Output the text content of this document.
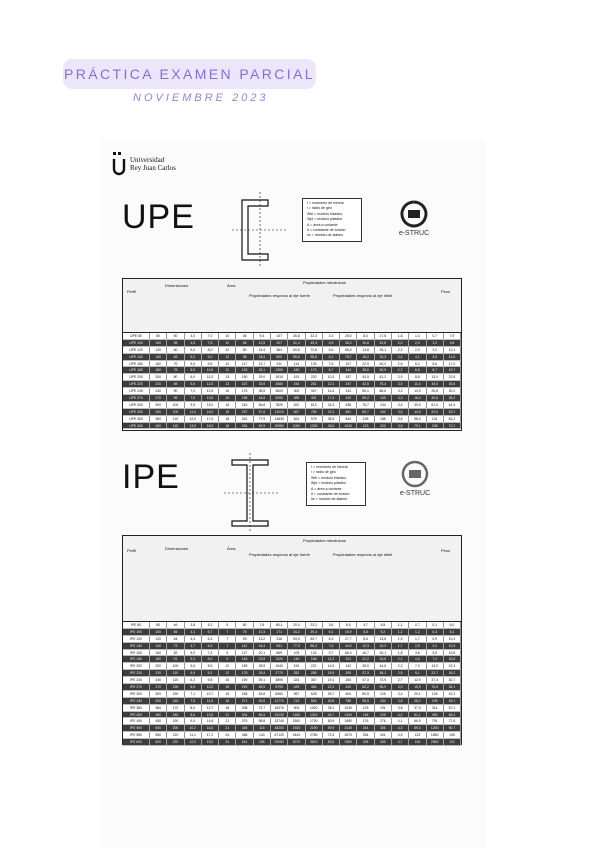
PRÁCTICA EXAMEN PARCIAL
NOVIEMBRE 2023
Universidad
Rey Juan Carlos
UPE	I = momento de inercia
i = radio de giro
Wel = módulo elástico
Wpl = módulo plástico
A = área a cortante
It = constante de torsión
Iw = módulo de alabeo	e-STRUC
Perfil
Dimensiones	Área
Propiedades mecánicas
Propiedades respecto al eje fuerte	Propiedades respecto al eje débil
Peso
UPE 80	80	50	4,0	7,0	10	46	9,4	107	26,8	32,3	3,3	25,5	8,0	17,5	1,8	1,4	0,7	7,9
UPE 100	100	55	4,5	7,5	10	65	12,5	207	41,4	49,3	4,5	38,3	10,6	20,8	2,0	2,0	1,2	9,8
UPE 120	120	60	5,0	8,0	12	80	15,4	364	60,6	72,6	5,6	55,5	13,8	26,1	2,2	2,9	2,0	12,1
UPE 140	140	65	5,0	9,0	12	98	18,4	600	85,6	98,8	6,1	78,7	18,2	33,3	2,4	4,1	3,5	14,5
UPE 160	160	70	5,5	9,5	12	117	21,7	911	114	133	7,6	107	22,9	40,2	2,6	5,2	5,6	17,0
UPE 180	180	75	5,5	10,5	12	133	25,1	1350	150	173	8,7	144	28,6	50,9	2,7	6,8	8,7	19,7
UPE 200	200	80	6,0	11,0	13	150	29,0	1910	191	220	10,3	187	34,5	61,2	2,9	8,6	13,0	22,8
UPE 220	220	85	6,5	12,0	13	167	33,9	2680	244	281	12,1	247	42,5	75,4	3,0	11,4	19,0	26,6
UPE 240	240	90	7,0	12,5	15	175	38,5	3600	300	347	14,4	314	50,1	88,6	3,2	13,9	26,8	30,2
UPE 270	270	95	7,5	13,5	15	198	44,8	5250	389	451	17,3	420	59,2	105	3,3	18,4	40,6	35,2
UPE 300	300	100	9,5	15,0	15	216	56,6	7820	522	613	24,3	538	75,7	134	3,4	30,9	61,0	44,4
UPE 330	330	105	11,0	16,0	18	237	67,8	11010	667	789	31,0	681	89,7	160	3,5	44,5	92,6	53,2
UPE 360	360	110	12,0	17,0	18	261	77,9	14830	824	978	36,5	844	105	186	3,6	58,4	131	61,2
UPE 400	400	115	13,5	18,0	18	294	91,9	20980	1050	1250	45,6	1040	123	220	3,6	79,1	198	72,2
IPE	I = momento de inercia
i = radio de giro
Wel = módulo elástico
Wpl = módulo plástico
A = área a cortante
It = constante de torsión
Iw = módulo de alabeo
e-STRUC
Perfil	Dimensiones	Área
Propiedades mecánicas
Propiedades respecto al eje fuerte	Propiedades respecto al eje débil
Peso
IPE 80	80	46	3,8	5,2	5	60	7,6	80,1	20,0	23,2	3,6	8,5	3,7	5,8	1,1	0,7	0,1	6,0
IPE 100	100	55	4,1	5,7	7	75	10,3	171	34,2	39,4	5,1	15,9	5,8	9,2	1,2	1,2	0,4	8,1
IPE 120	120	64	4,4	6,3	7	93	13,2	318	53,0	60,7	6,3	27,7	8,6	13,6	1,5	1,7	0,9	10,4
IPE 140	140	73	4,7	6,9	7	112	16,4	541	77,3	88,3	7,6	44,9	12,3	19,3	1,7	2,5	2,0	12,9
IPE 160	160	82	5,0	7,4	9	127	20,1	869	109	124	9,7	68,3	16,7	26,1	1,8	3,6	3,9	15,8
IPE 180	180	91	5,3	8,0	9	146	23,9	1320	146	166	11,3	101	22,2	34,6	2,1	4,8	7,4	18,8
IPE 200	200	100	5,6	8,5	12	159	28,5	1940	194	221	14,0	142	28,5	44,6	2,2	7,0	13,0	22,4
IPE 220	220	110	5,9	9,2	12	178	33,4	2770	252	285	15,9	205	37,3	58,1	2,5	9,1	22,7	26,2
IPE 240	240	120	6,2	9,8	15	190	39,1	3890	324	367	19,1	284	47,3	73,9	2,7	12,9	37,4	30,7
IPE 270	270	135	6,6	10,2	15	219	45,9	5790	429	484	22,1	420	62,2	96,9	3,0	15,9	70,6	36,1
IPE 300	300	150	7,1	10,7	15	248	53,8	8360	557	628	25,7	604	80,5	125	3,4	20,1	126	42,2
IPE 330	330	160	7,5	11,5	18	271	62,6	11770	713	804	30,8	788	98,5	154	3,6	28,2	199	49,1
IPE 360	360	170	8,0	12,7	18	298	72,7	16270	904	1020	35,1	1040	123	191	3,8	37,3	314	57,1
IPE 400	400	180	8,6	13,5	21	331	84,5	23130	1160	1310	42,7	1320	146	229	4,0	51,1	490	66,3
IPE 450	450	190	9,4	14,6	21	379	98,8	33740	1500	1700	50,9	1680	176	276	4,1	66,9	791	77,6
IPE 500	500	200	10,2	16,0	21	426	116	48200	1930	2190	59,9	2140	214	336	4,3	89,3	1250	90,7
IPE 550	550	210	11,1	17,2	24	468	134	67120	2440	2780	72,3	2670	254	401	4,5	123	1880	106
IPE 600	600	220	12,0	19,0	24	514	156	92080	3070	3510	83,8	3390	308	486	4,7	165	2850	122
